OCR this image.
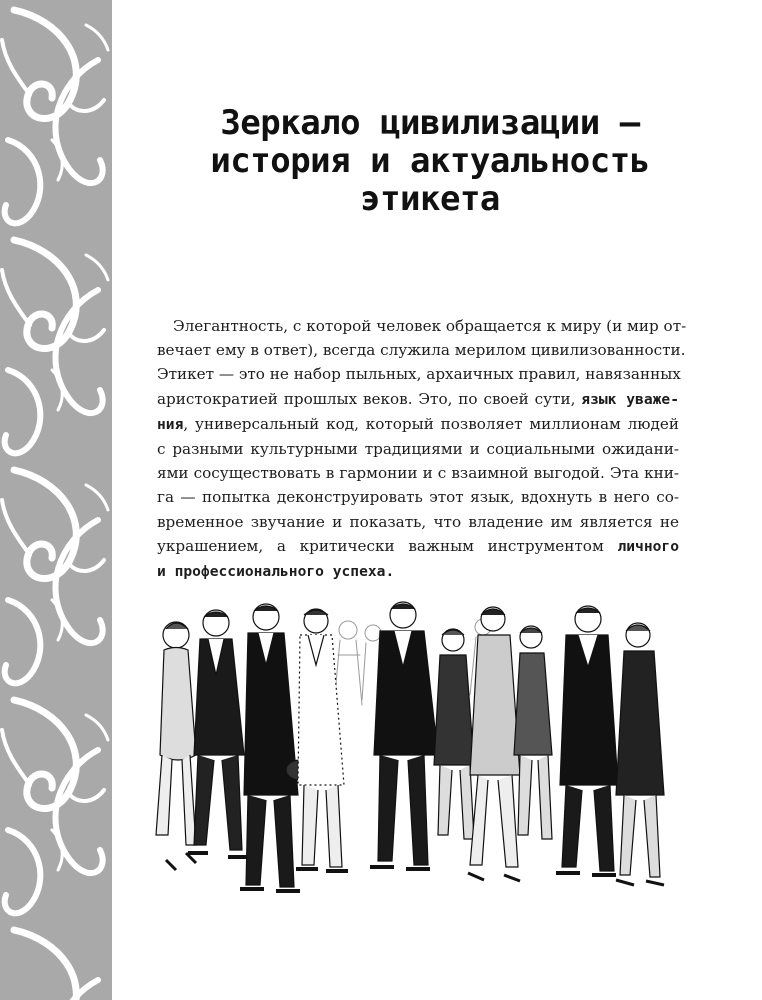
Зеркало цивилизации —
история и актуальность
этикета
Элегантность, с которой человек обращается к миру (и мир от-
вечает ему в ответ), всегда служила мерилом цивилизованности.
Этикет — это не набор пыльных, архаичных правил, навязанных
аристократией прошлых веков. Это, по своей сути, язык уваже-
ния, универсальный код, который позволяет миллионам людей
с разными культурными традициями и социальными ожидани-
ями сосуществовать в гармонии и с взаимной выгодой. Эта кни-
га — попытка деконструировать этот язык, вдохнуть в него со-
временное звучание и показать, что владение им является не
украшением, а критически важным инструментом личного
и профессионального успеха.
